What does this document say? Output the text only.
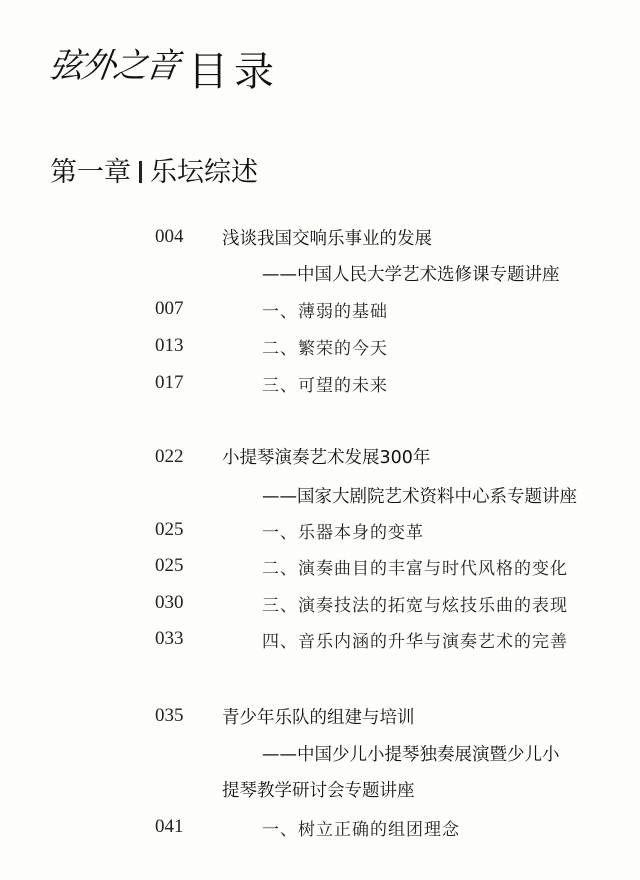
弦外之音 目录
第一章 乐坛综述
004 浅谈我国交响乐事业的发展
——中国人民大学艺术选修课专题讲座
007	一、薄弱的基础
013	二、繁荣的今天
017	三、可望的未来
022 小提琴演奏艺术发展300年
——国家大剧院艺术资料中心系专题讲座
025	一、乐器本身的变革
025	二、演奏曲目的丰富与时代风格的变化
030	三、演奏技法的拓宽与炫技乐曲的表现
033	四、音乐内涵的升华与演奏艺术的完善
035 青少年乐队的组建与培训
——中国少儿小提琴独奏展演暨少儿小
提琴教学研讨会专题讲座
041	一、树立正确的组团理念
